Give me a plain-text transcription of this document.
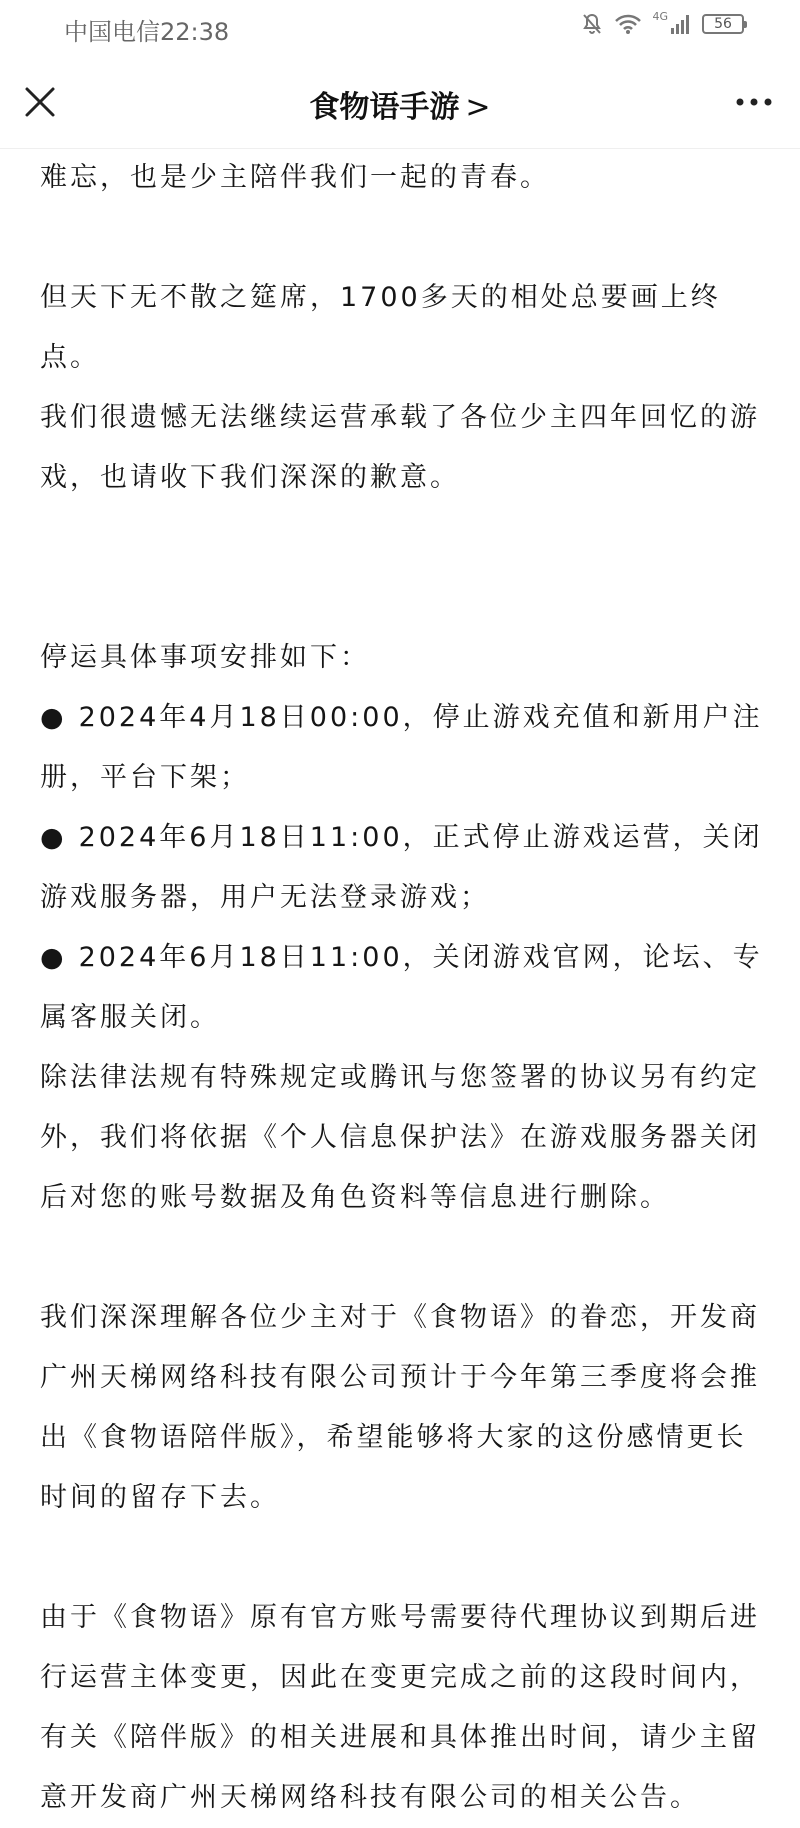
中国电信22:38
4G	56
食物语手游 >

难忘，也是少主陪伴我们一起的青春。

但天下无不散之筵席，1700多天的相处总要画上终点。

我们很遗憾无法继续运营承载了各位少主四年回忆的游戏，也请收下我们深深的歉意。

停运具体事项安排如下：

● 2024年4月18日00:00，停止游戏充值和新用户注册，平台下架；

● 2024年6月18日11:00，正式停止游戏运营，关闭游戏服务器，用户无法登录游戏；

● 2024年6月18日11:00，关闭游戏官网，论坛、专属客服关闭。

除法律法规有特殊规定或腾讯与您签署的协议另有约定外，我们将依据《个人信息保护法》在游戏服务器关闭后对您的账号数据及角色资料等信息进行删除。

我们深深理解各位少主对于《食物语》的眷恋，开发商广州天梯网络科技有限公司预计于今年第三季度将会推出《食物语陪伴版》，希望能够将大家的这份感情更长时间的留存下去。

由于《食物语》原有官方账号需要待代理协议到期后进行运营主体变更，因此在变更完成之前的这段时间内，有关《陪伴版》的相关进展和具体推出时间，请少主留意开发商广州天梯网络科技有限公司的相关公告。
